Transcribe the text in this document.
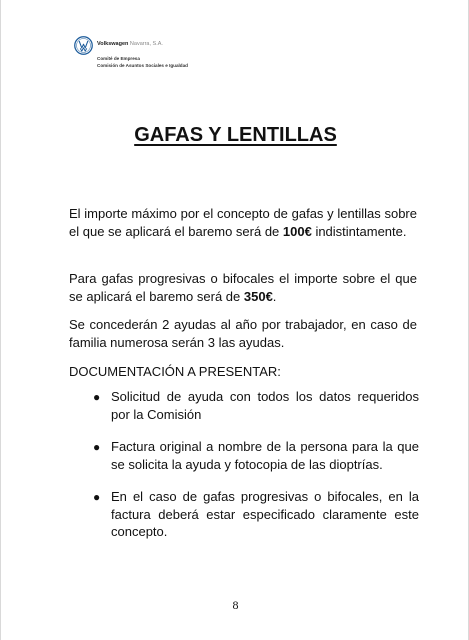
Volkswagen Navarra, S.A.
Comité de Empresa
Comisión de Asuntos Sociales e Igualdad
GAFAS Y LENTILLAS
El importe máximo por el concepto de gafas y lentillas sobre el que se aplicará el baremo será de 100€ indistintamente.
Para gafas progresivas o bifocales el importe sobre el que se aplicará el baremo será de 350€.
Se concederán 2 ayudas al año por trabajador, en caso de familia numerosa serán 3 las ayudas.
DOCUMENTACIÓN A PRESENTAR:
● Solicitud de ayuda con todos los datos requeridos por la Comisión
● Factura original a nombre de la persona para la que se solicita la ayuda y fotocopia de las dioptrías.
● En el caso de gafas progresivas o bifocales, en la factura deberá estar especificado claramente este concepto.
8
